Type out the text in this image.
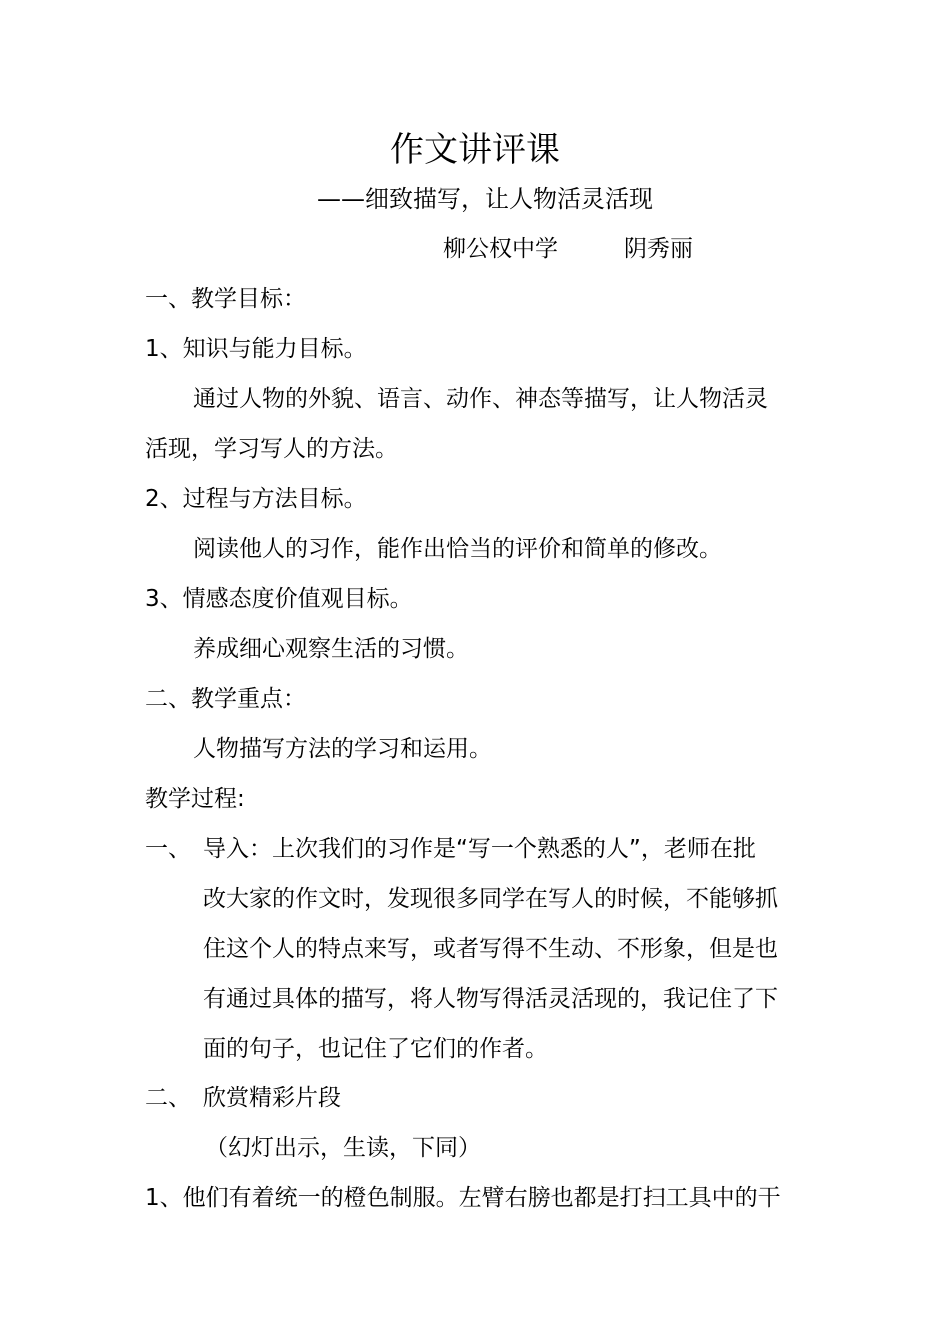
作文讲评课
——细致描写，让人物活灵活现
柳公权中学	阴秀丽
一、教学目标：
1、知识与能力目标。
通过人物的外貌、语言、动作、神态等描写，让人物活灵
活现，学习写人的方法。
2、过程与方法目标。
阅读他人的习作，能作出恰当的评价和简单的修改。
3、情感态度价值观目标。
养成细心观察生活的习惯。
二、教学重点：
人物描写方法的学习和运用。
教学过程:
一、 导入：上次我们的习作是“写一个熟悉的人”，老师在批
改大家的作文时，发现很多同学在写人的时候，不能够抓
住这个人的特点来写，或者写得不生动、不形象，但是也
有通过具体的描写，将人物写得活灵活现的，我记住了下
面的句子，也记住了它们的作者。
二、 欣赏精彩片段
（幻灯出示，生读，下同）
1、他们有着统一的橙色制服。左臂右膀也都是打扫工具中的干
